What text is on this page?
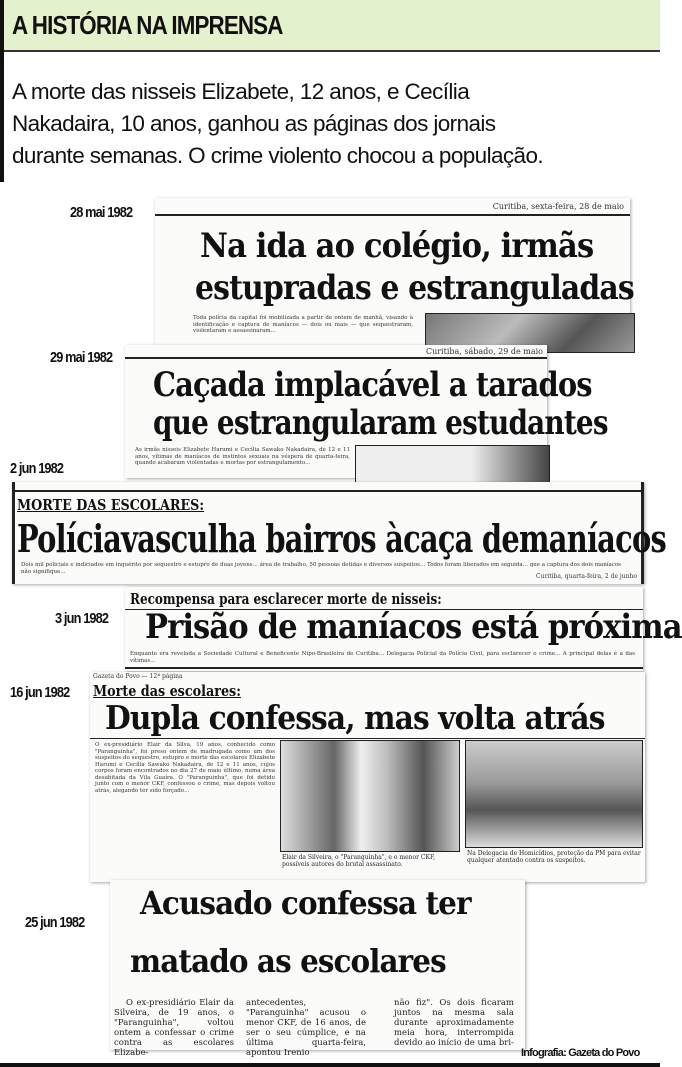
A HISTÓRIA NA IMPRENSA
A morte das nisseis Elizabete, 12 anos, e Cecília
Nakadaira, 10 anos, ganhou as páginas dos jornais
durante semanas. O crime violento chocou a população.
28 mai 1982	Curitiba, sexta-feira, 28 de maio
Na ida ao colégio, irmãs
estupradas e estranguladas
Toda polícia da capital foi mobilizada a partir de ontem de manhã, visando à identificação e captura de maníacos — dois ou mais — que sequestraram, violentaram e assassinaram...
29 mai 1982	Curitiba, sábado, 29 de maio
Caçada implacável a tarados
que estrangularam estudantes
As irmãs nisseis Elizabete Harumi e Cecília Sawako Nakadaira, de 12 e 11 anos, vítimas de maníacos de instintos sexuais na véspera de quarta-feira, quando acabaram violentadas e mortas por estrangulamento...
2 jun 1982
MORTE DAS ESCOLARES:
Políciavasculha bairros àcaça demaníacos
Dois mil policiais e indiciados em inquérito por sequestro e estupro de duas jovens... área de trabalho, 50 pessoas detidas e diversos suspeitos... Todos foram liberados em seguida... que a captura dos dois maníacos não signifique...
Curitiba, quarta-feira, 2 de junho
3 jun 1982
Recompensa para esclarecer morte de nisseis:
Prisão de maníacos está próxima
Enquanto era revelada a Sociedade Cultural e Beneficente Nipo-Brasileira de Curitiba... Delegacia Policial da Polícia Civil, para esclarecer o crime... A principal delas é a das vítimas...
16 jun 1982
Gazeta do Povo — 12ª página
Morte das escolares:
Dupla confessa, mas volta atrás
O ex-presidiário Elair da Silva, 19 anos, conhecido como "Paranguinha", foi preso ontem de madrugada como um dos suspeitos do sequestro, estupro e morte das escolares Elizabete Harumi e Cecília Sawako Nakadaira, de 12 e 11 anos, cujos corpos foram encontrados no dia 27 de maio último, numa área desabitada da Vila Guaíra. O "Paranguinha", que foi detido junto com o menor CKF, confessou o crime, mas depois voltou atrás, alegando ter sido forçado...
Elair da Silveira, o "Paranguinha", e o menor CKF, possíveis autores do brutal assassinato.
Na Delegacia de Homicídios, proteção da PM para evitar qualquer atentado contra os suspeitos.
25 jun 1982
Acusado confessa ter
matado as escolares
O ex-presidiário Elair da Silveira, de 19 anos, o "Paranguinha", voltou ontem a confessar o crime contra as escolares Elizabe-
antecedentes, "Paranguinha" acusou o menor CKF, de 16 anos, de ser o seu cúmplice, e na última quarta-feira, apontou Irenio
não fiz". Os dois ficaram juntos na mesma sala durante aproximadamente meia hora, interrompida devido ao início de uma bri-
Infografia: Gazeta do Povo
